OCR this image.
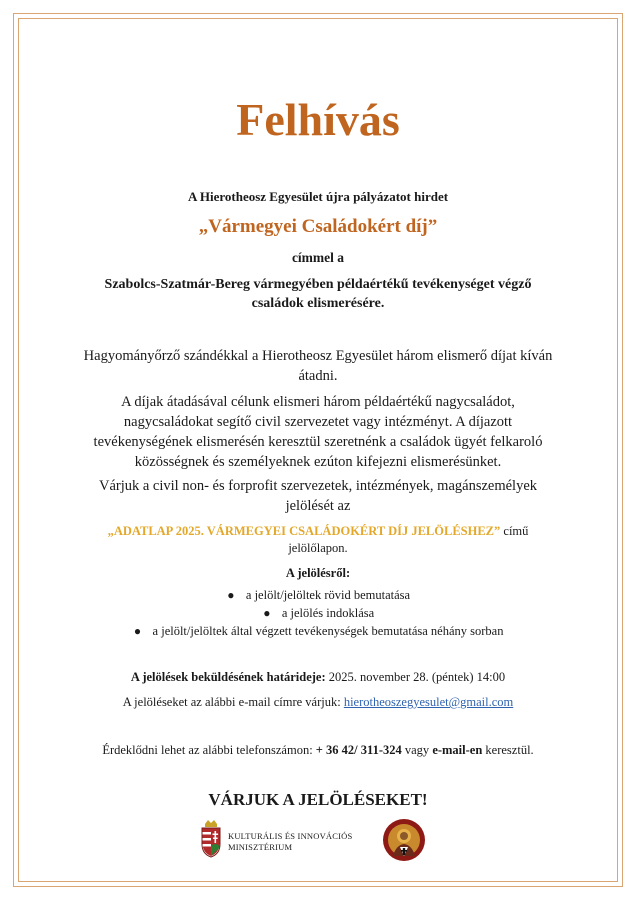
Felhívás
A Hierotheosz Egyesület újra pályázatot hirdet
„Vármegyei Családokért díj”
címmel a
Szabolcs-Szatmár-Bereg vármegyében példaértékű tevékenységet végző
családok elismerésére.
Hagyományőrző szándékkal a Hierotheosz Egyesület három elismerő díjat kíván
átadni.
A díjak átadásával célunk elismeri három példaértékű nagycsaládot,
nagycsaládokat segítő civil szervezetet vagy intézményt. A díjazott
tevékenységének elismerésén keresztül szeretnénk a családok ügyét felkaroló
közösségnek és személyeknek ezúton kifejezni elismerésünket.
Várjuk a civil non- és forprofit szervezetek, intézmények, magánszemélyek
jelölését az
„ADATLAP 2025. VÁRMEGYEI CSALÁDOKÉRT DÍJ JELÖLÉSHEZ” című
jelölőlapon.
A jelölésről:
● a jelölt/jelöltek rövid bemutatása
● a jelölés indoklása
● a jelölt/jelöltek által végzett tevékenységek bemutatása néhány sorban
A jelölések beküldésének határideje: 2025. november 28. (péntek) 14:00
A jelöléseket az alábbi e-mail címre várjuk: hierotheoszegyesulet@gmail.com
Érdeklődni lehet az alábbi telefonszámon: + 36 42/ 311-324 vagy e-mail-en keresztül.
VÁRJUK A JELÖLÉSEKET!
KULTURÁLIS ÉS INNOVÁCIÓS
MINISZTÉRIUM
